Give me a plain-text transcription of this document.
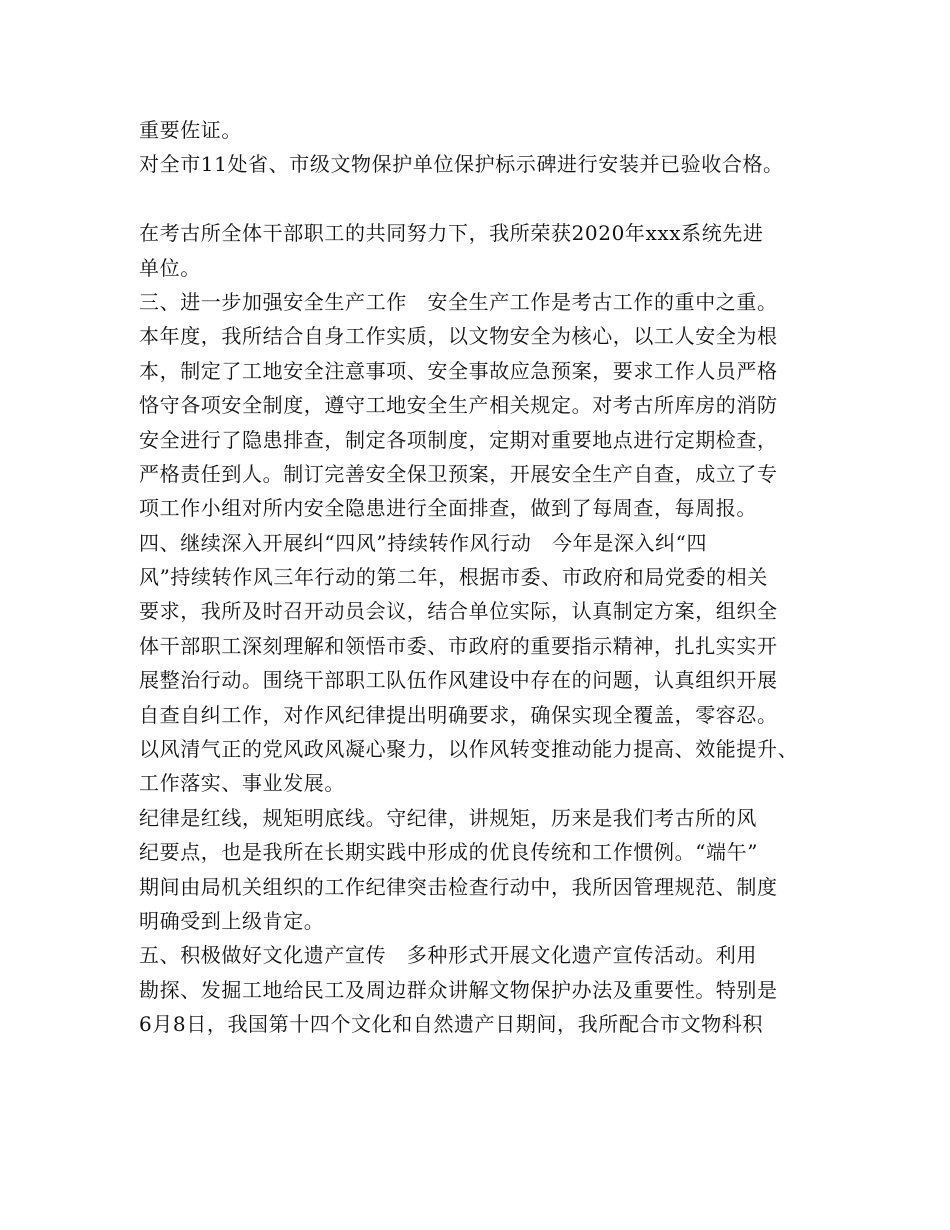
重要佐证。
对全市11处省、市级文物保护单位保护标示碑进行安装并已验收合格。
在考古所全体干部职工的共同努力下，我所荣获2020年xxx系统先进
单位。
三、进一步加强安全生产工作　安全生产工作是考古工作的重中之重。
本年度，我所结合自身工作实质，以文物安全为核心，以工人安全为根
本，制定了工地安全注意事项、安全事故应急预案，要求工作人员严格
恪守各项安全制度，遵守工地安全生产相关规定。对考古所库房的消防
安全进行了隐患排查，制定各项制度，定期对重要地点进行定期检查，
严格责任到人。制订完善安全保卫预案，开展安全生产自查，成立了专
项工作小组对所内安全隐患进行全面排查，做到了每周查，每周报。
四、继续深入开展纠“四风”持续转作风行动　今年是深入纠“四
风”持续转作风三年行动的第二年，根据市委、市政府和局党委的相关
要求，我所及时召开动员会议，结合单位实际，认真制定方案，组织全
体干部职工深刻理解和领悟市委、市政府的重要指示精神，扎扎实实开
展整治行动。围绕干部职工队伍作风建设中存在的问题，认真组织开展
自查自纠工作，对作风纪律提出明确要求，确保实现全覆盖，零容忍。
以风清气正的党风政风凝心聚力，以作风转变推动能力提高、效能提升、
工作落实、事业发展。
纪律是红线，规矩明底线。守纪律，讲规矩，历来是我们考古所的风
纪要点，也是我所在长期实践中形成的优良传统和工作惯例。“端午”
期间由局机关组织的工作纪律突击检查行动中，我所因管理规范、制度
明确受到上级肯定。
五、积极做好文化遗产宣传　多种形式开展文化遗产宣传活动。利用
勘探、发掘工地给民工及周边群众讲解文物保护办法及重要性。特别是
6月8日，我国第十四个文化和自然遗产日期间，我所配合市文物科积
